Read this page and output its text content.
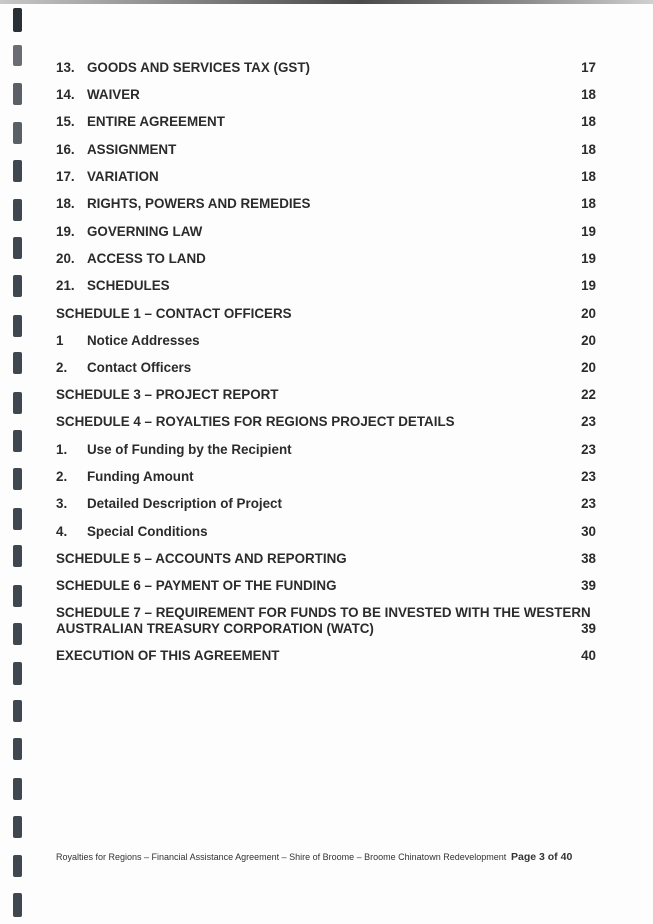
13. GOODS AND SERVICES TAX (GST)	17
14. WAIVER	18
15. ENTIRE AGREEMENT	18
16. ASSIGNMENT	18
17. VARIATION	18
18. RIGHTS, POWERS AND REMEDIES	18
19. GOVERNING LAW	19
20. ACCESS TO LAND	19
21. SCHEDULES	19
SCHEDULE 1 – CONTACT OFFICERS	20
1 Notice Addresses	20
2. Contact Officers	20
SCHEDULE 3 – PROJECT REPORT	22
SCHEDULE 4 – ROYALTIES FOR REGIONS PROJECT DETAILS	23
1. Use of Funding by the Recipient	23
2. Funding Amount	23
3. Detailed Description of Project	23
4. Special Conditions	30
SCHEDULE 5 – ACCOUNTS AND REPORTING	38
SCHEDULE 6 – PAYMENT OF THE FUNDING	39
SCHEDULE 7 – REQUIREMENT FOR FUNDS TO BE INVESTED WITH THE WESTERN
AUSTRALIAN TREASURY CORPORATION (WATC)	39
EXECUTION OF THIS AGREEMENT	40
Royalties for Regions – Financial Assistance Agreement – Shire of Broome – Broome Chinatown Redevelopment Page 3 of 40
